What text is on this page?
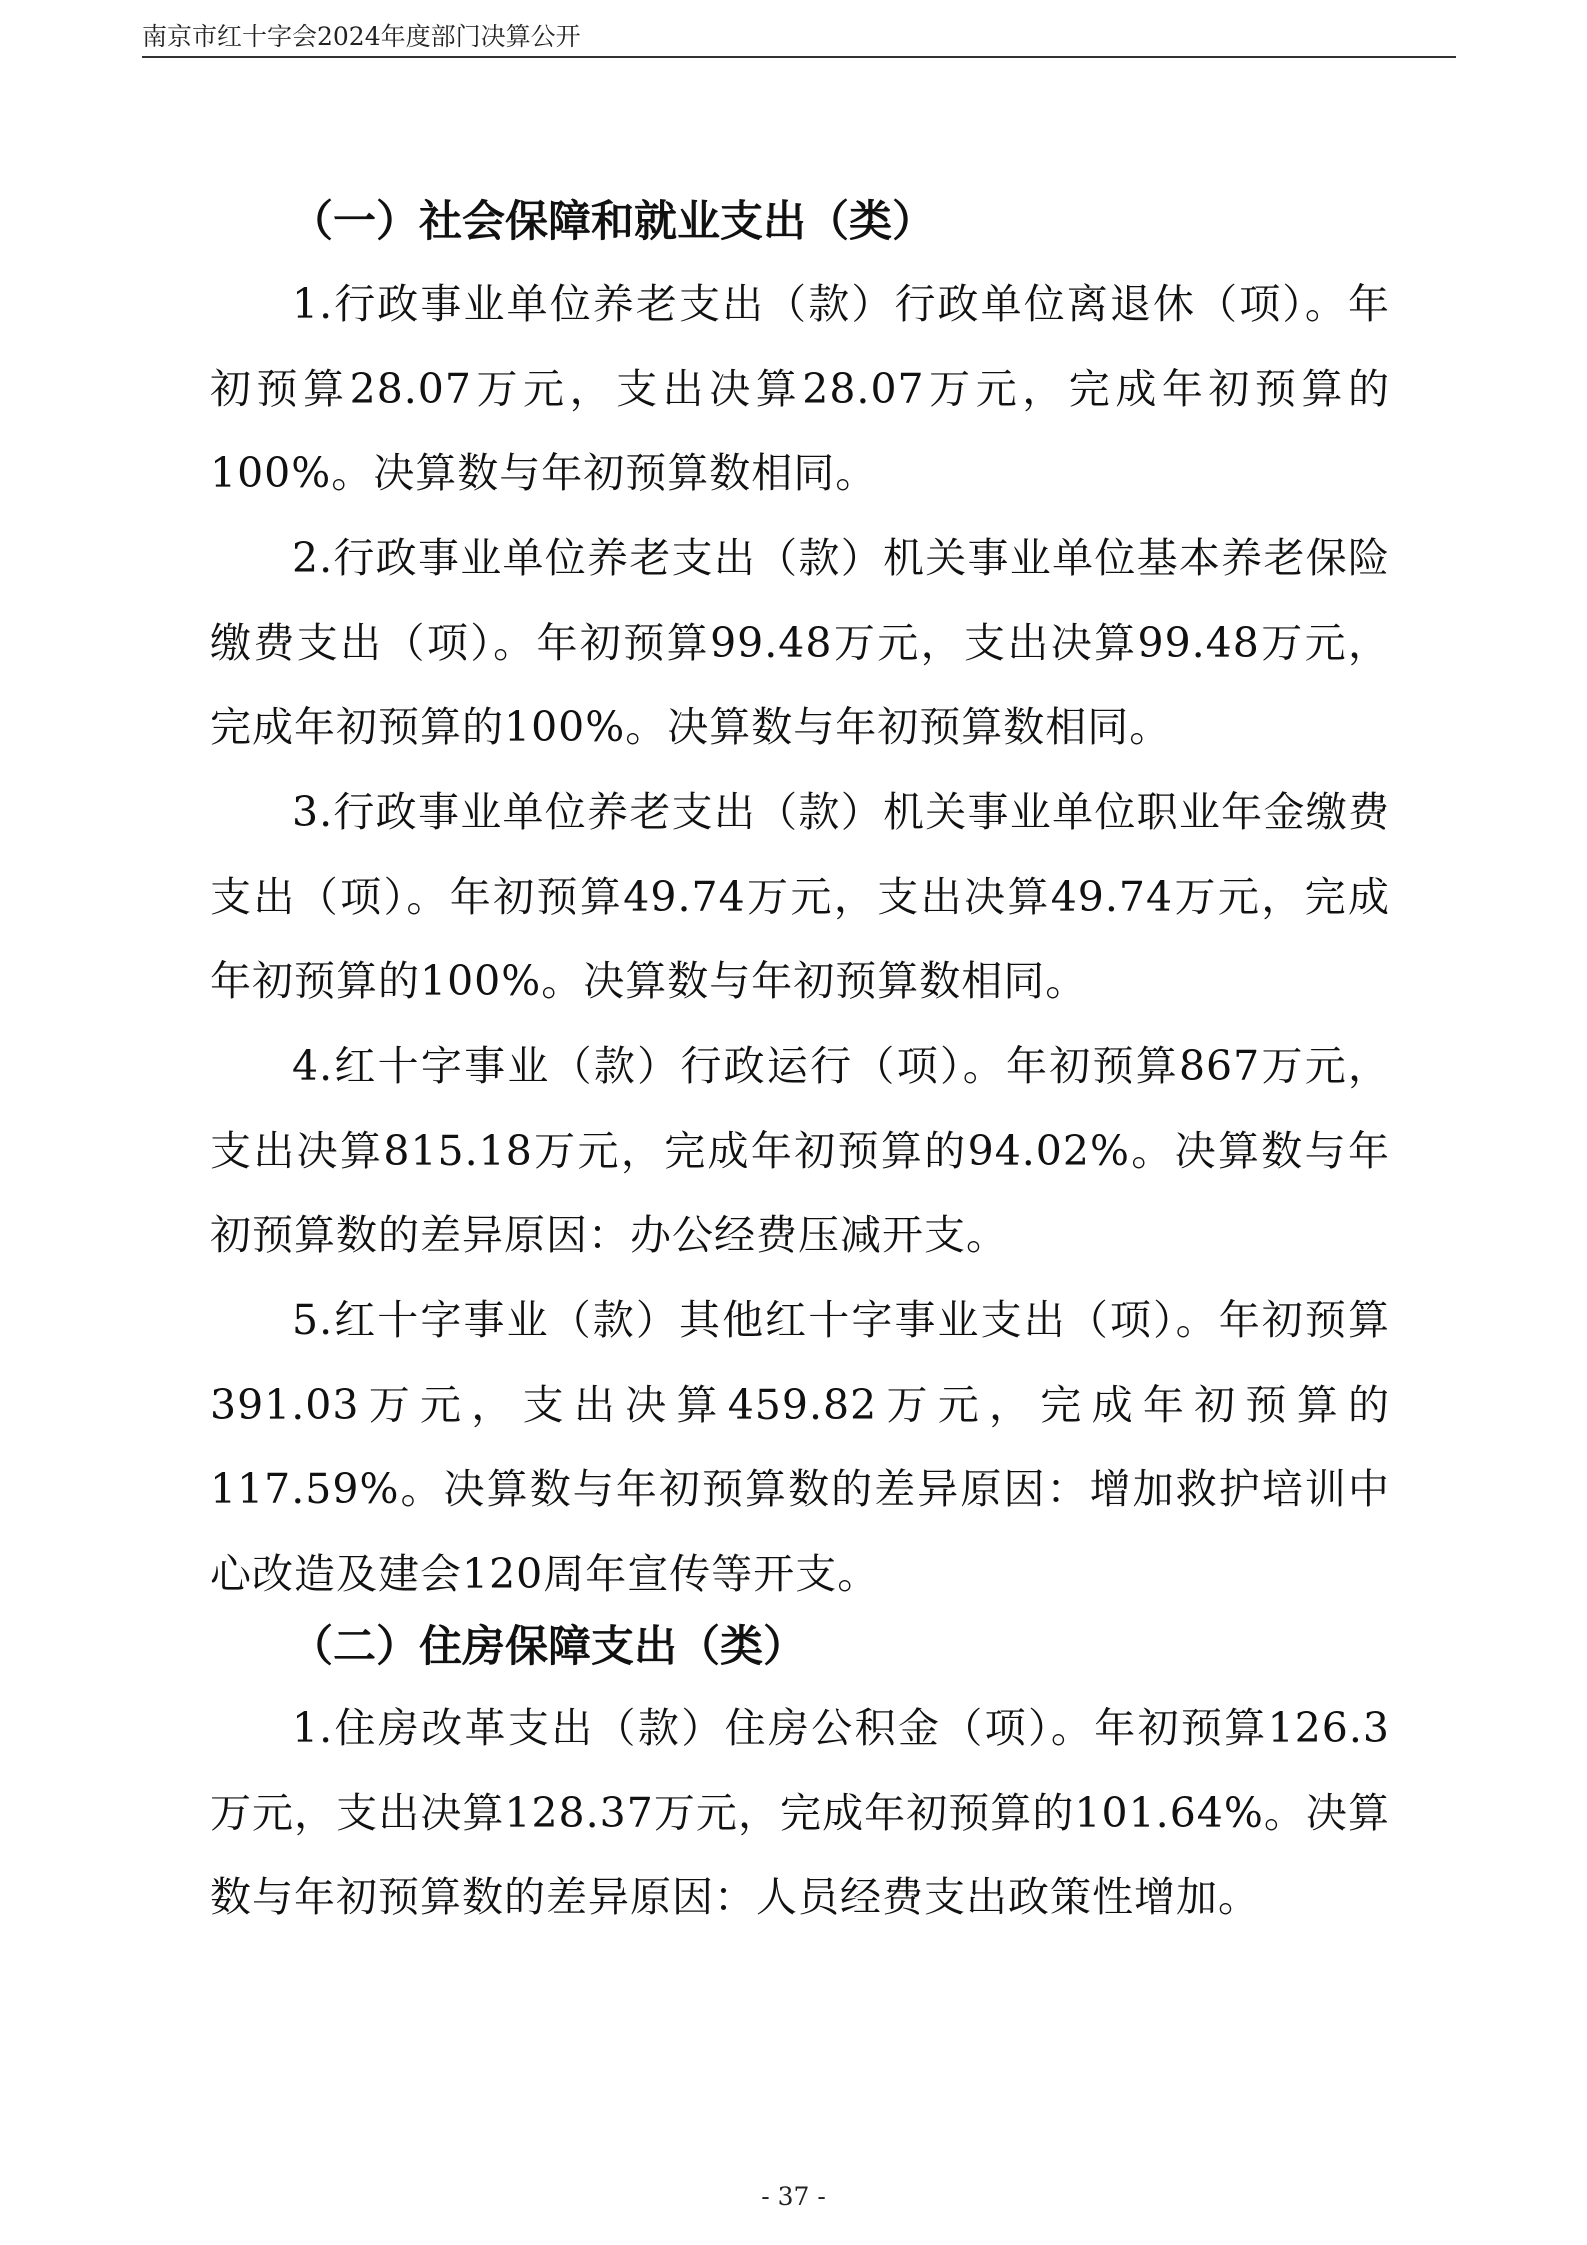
南京市红十字会2024年度部门决算公开
（一）社会保障和就业支出（类）

1.行政事业单位养老支出（款）行政单位离退休（项）。年初预算28.07万元，支出决算28.07万元，完成年初预算的100%。决算数与年初预算数相同。

2.行政事业单位养老支出（款）机关事业单位基本养老保险缴费支出（项）。年初预算99.48万元，支出决算99.48万元，完成年初预算的100%。决算数与年初预算数相同。

3.行政事业单位养老支出（款）机关事业单位职业年金缴费支出（项）。年初预算49.74万元，支出决算49.74万元，完成年初预算的100%。决算数与年初预算数相同。

4.红十字事业（款）行政运行（项）。年初预算867万元，支出决算815.18万元，完成年初预算的94.02%。决算数与年初预算数的差异原因：办公经费压减开支。

5.红十字事业（款）其他红十字事业支出（项）。年初预算391.03万元，支出决算459.82万元，完成年初预算的117.59%。决算数与年初预算数的差异原因：增加救护培训中心改造及建会120周年宣传等开支。

（二）住房保障支出（类）

1.住房改革支出（款）住房公积金（项）。年初预算126.3万元，支出决算128.37万元，完成年初预算的101.64%。决算数与年初预算数的差异原因：人员经费支出政策性增加。

- 37 -
